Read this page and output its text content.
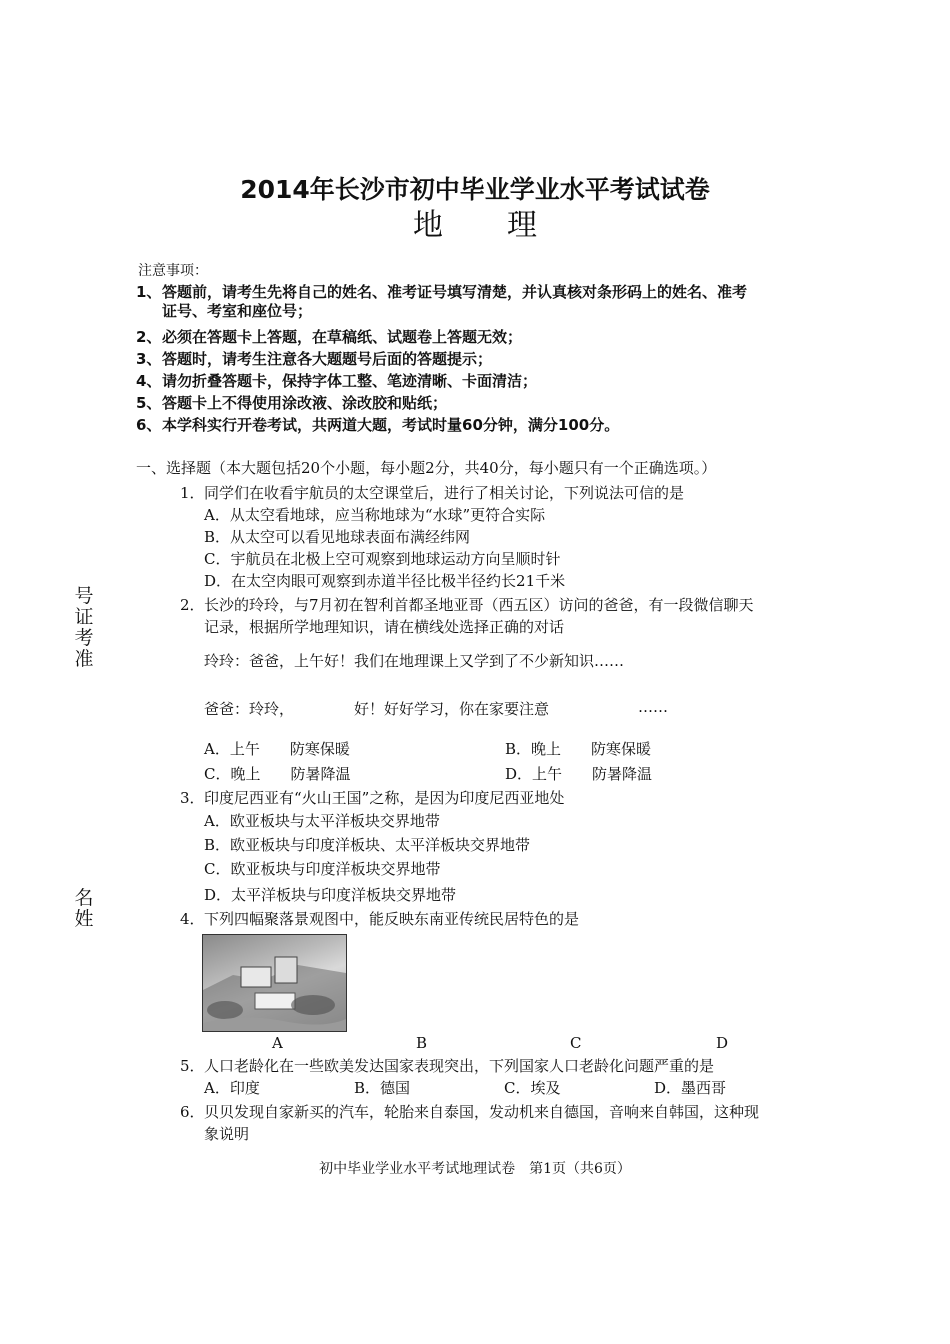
2014年长沙市初中毕业学业水平考试试卷
地理
注意事项：
1、答题前，请考生先将自己的姓名、准考证号填写清楚，并认真核对条形码上的姓名、准考
证号、考室和座位号；
2、必须在答题卡上答题，在草稿纸、试题卷上答题无效；
3、答题时，请考生注意各大题题号后面的答题提示；
4、请勿折叠答题卡，保持字体工整、笔迹清晰、卡面清洁；
5、答题卡上不得使用涂改液、涂改胶和贴纸；
6、本学科实行开卷考试，共两道大题，考试时量60分钟，满分100分。
号证考准
名姓
一、选择题（本大题包括20个小题，每小题2分，共40分，每小题只有一个正确选项。）
1． 同学们在收看宇航员的太空课堂后，进行了相关讨论，下列说法可信的是
A．从太空看地球，应当称地球为“水球”更符合实际
B．从太空可以看见地球表面布满经纬网
C．宇航员在北极上空可观察到地球运动方向呈顺时针
D．在太空肉眼可观察到赤道半径比极半径约长21千米
2． 长沙的玲玲，与7月初在智利首都圣地亚哥（西五区）访问的爸爸，有一段微信聊天
记录，根据所学地理知识，请在横线处选择正确的对话
玲玲：爸爸，上午好！我们在地理课上又学到了不少新知识……
爸爸：玲玲，	好！好好学习，你在家要注意	……
A．上午　　防寒保暖	B．晚上　　防寒保暖
C．晚上　　防暑降温	D．上午　　防暑降温
3． 印度尼西亚有“火山王国”之称，是因为印度尼西亚地处
A．欧亚板块与太平洋板块交界地带
B．欧亚板块与印度洋板块、太平洋板块交界地带
C．欧亚板块与印度洋板块交界地带
D．太平洋板块与印度洋板块交界地带
4． 下列四幅聚落景观图中，能反映东南亚传统民居特色的是
A	B	C	D
5． 人口老龄化在一些欧美发达国家表现突出，下列国家人口老龄化问题严重的是
A．印度	B．德国	C．埃及	D．墨西哥
6． 贝贝发现自家新买的汽车，轮胎来自泰国，发动机来自德国，音响来自韩国，这种现
象说明
初中毕业学业水平考试地理试卷　第1页（共6页）
